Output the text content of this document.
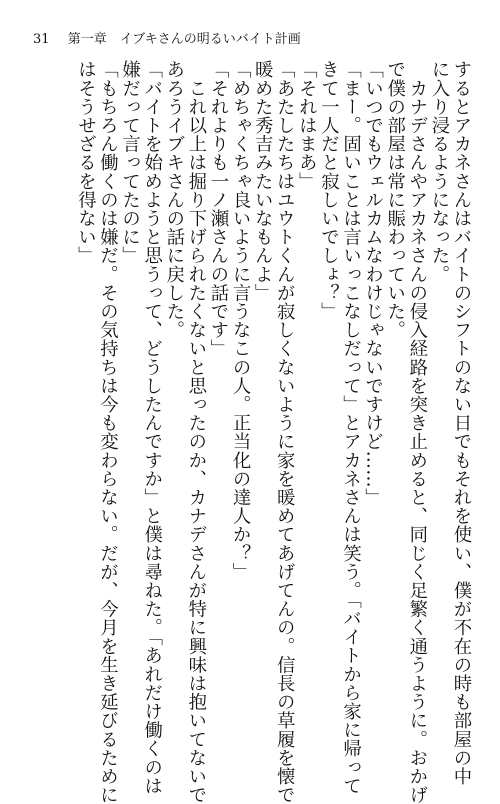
31 第一章　イブキさんの明るいバイト計画
するとアカネさんはバイトのシフトのない日でもそれを使い、僕が不在の時も部屋の中
に入り浸るようになった。
　カナデさんやアカネさんの侵入経路を突き止めると、同じく足繁く通うように。おかげ
で僕の部屋は常に賑わっていた。
「いつでもウェルカムなわけじゃないですけど……」
「まー。固いことは言いっこなしだって」とアカネさんは笑う。「バイトから家に帰って
きて一人だと寂しいでしょ？」
「それはまあ」
「あたしたちはユウトくんが寂しくないように家を暖めてあげてんの。信長の草履を懐で
暖めた秀吉みたいなもんよ」
「めちゃくちゃ良いように言うなこの人。正当化の達人か？」
「それよりも一ノ瀬さんの話です」
　これ以上は掘り下げられたくないと思ったのか、カナデさんが特に興味は抱いてないで
あろうイブキさんの話に戻した。
「バイトを始めようと思うって、どうしたんですか」と僕は尋ねた。「あれだけ働くのは
嫌だって言ってたのに」
「もちろん働くのは嫌だ。その気持ちは今も変わらない。だが、今月を生き延びるために
はそうせざるを得ない」
